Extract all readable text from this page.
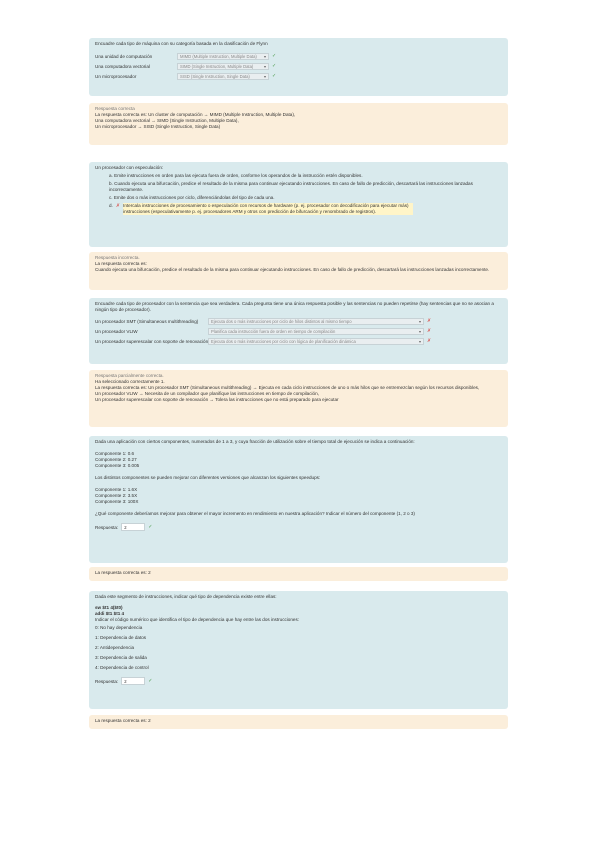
Encuadre cada tipo de máquina con su categoría basada en la clasificación de Flynn
Una unidad de computación	MIMD (Multiple Instruction, Multiple Data) ▾ ✓
Una computadora vectorial	SIMD (Single Instruction, Multiple Data)	▾ ✓
Un microprocesador	SISD (Single Instruction, Single Data)	▾ ✓
Respuesta correcta
La respuesta correcta es: Un cluster de computación → MIMD (Multiple Instruction, Multiple Data),
Una computadora vectorial → SIMD (Single Instruction, Multiple Data),
Un microprocesador → SISD (Single Instruction, Single Data)
Un procesador con especulación:
a. Emite instrucciones en orden para las ejecuta fuera de orden, conforme los operandos de la instrucción estén disponibles.
b. Cuando ejecuta una bifurcación, predice el resultado de la misma para continuar ejecutando instrucciones. En caso de fallo de predicción, descartará las instrucciones lanzadas incorrectamente.
c. Emite dos o más instrucciones por ciclo, diferenciándolas del tipo de cada una.
d. ✗ Intercala instrucciones de procesamiento o especulación con recursos de hardware (p. ej. procesador con decodificación para ejecutar más) instrucciones (especulativamente p. ej. procesadores ARM y otros con predicción de bifurcación y renombrado de registros).
Respuesta incorrecta.
La respuesta correcta es:
Cuando ejecuta una bifurcación, predice el resultado de la misma para continuar ejecutando instrucciones. En caso de fallo de predicción, descartará las instrucciones lanzadas incorrectamente.
Encuadre cada tipo de procesador con la sentencia que sea verdadera. Cada pregunta tiene una única respuesta posible y las sentencias no pueden repetirse (hay sentencias que no se asocian a ningún tipo de procesador).
Un procesador SMT (Simultaneous multithreading)	Ejecuta dos o más instrucciones por ciclo de hilos distintos al mismo tiempo	▾ ✗
Un procesador VLIW	Planifica cada instrucción fuera de orden en tiempo de compilación	▾ ✗
Un procesador superescalar con soporte de renovación Ejecuta dos o más instrucciones por ciclo con lógica de planificación dinámica	▾ ✗
Respuesta parcialmente correcta.
Ha seleccionado correctamente 1.
La respuesta correcta es: Un procesador SMT (Simultaneous multithreading) → Ejecuta en cada ciclo instrucciones de uno o más hilos que se entremezclan según los recursos disponibles,
Un procesador VLIW → Necesita de un compilador que planifique las instrucciones en tiempo de compilación,
Un procesador superescalar con soporte de renovación → Tolera las instrucciones que no está preparado para ejecutar
Dada una aplicación con ciertos componentes, numerados de 1 a 3, y cuya fracción de utilización sobre el tiempo total de ejecución se indica a continuación:
Componente 1: 0.6
Componente 2: 0.27
Componente 3: 0.005
Los distintos componentes se pueden mejorar con diferentes versiones que alcanzan los siguientes speedups:
Componente 1: 1.6X
Componente 2: 3.5X
Componente 3: 100X
¿Qué componente deberíamos mejorar para obtener el mayor incremento en rendimiento en nuestra aplicación? Indicar el número del componente (1, 2 o 3)
Respuesta:	2	✓
La respuesta correcta es: 2
Dada este segmento de instrucciones, indicar qué tipo de dependencia existe entre ellas:
sw $t1 4($t0)
addi $t1 $t1 4
Indicar el código numérico que identifica el tipo de dependencia que hay entre las dos instrucciones:
0: No hay dependencia
1: Dependencia de datos
2: Antidependencia
3: Dependencia de salida
4: Dependencia de control
Respuesta:	2	✓
La respuesta correcta es: 2
